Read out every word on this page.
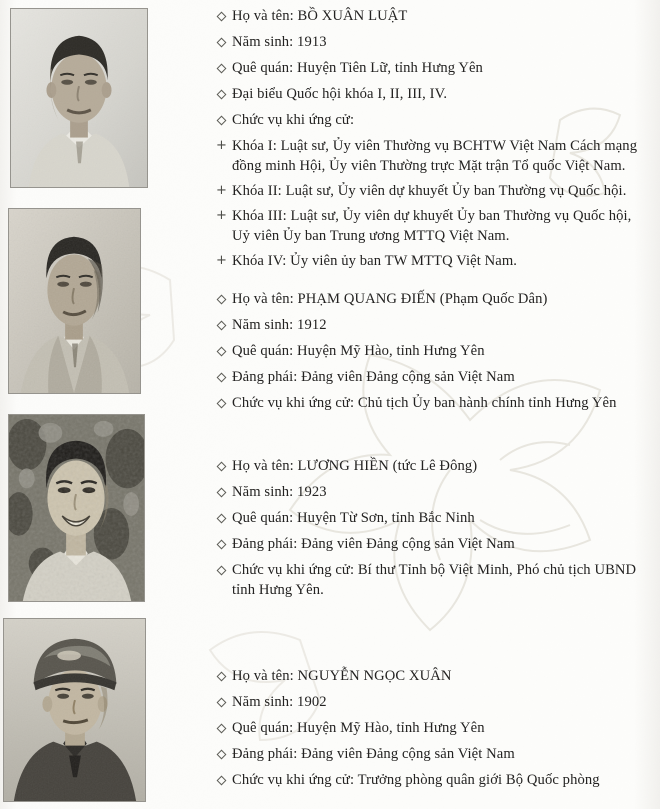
Họ và tên: BỒ XUÂN LUẬT
Năm sinh: 1913
Quê quán: Huyện Tiên Lữ, tỉnh Hưng Yên
Đại biểu Quốc hội khóa I, II, III, IV.
Chức vụ khi ứng cử:
+ Khóa I: Luật sư, Ủy viên Thường vụ BCHTW Việt Nam Cách mạng đồng minh Hội, Ủy viên Thường trực Mặt trận Tổ quốc Việt Nam.
+ Khóa II: Luật sư, Ủy viên dự khuyết Ủy ban Thường vụ Quốc hội.
+ Khóa III: Luật sư, Ủy viên dự khuyết Ủy ban Thường vụ Quốc hội, Uỷ viên Ủy ban Trung ương MTTQ Việt Nam.
+ Khóa IV: Ủy viên ủy ban TW MTTQ Việt Nam.
Họ và tên: PHẠM QUANG ĐIẾN (Phạm Quốc Dân)
Năm sinh: 1912
Quê quán: Huyện Mỹ Hào, tỉnh Hưng Yên
Đảng phái: Đảng viên Đảng cộng sản Việt Nam
Chức vụ khi ứng cử: Chủ tịch Ủy ban hành chính tỉnh Hưng Yên
Họ và tên: LƯƠNG HIỀN (tức Lê Đông)
Năm sinh: 1923
Quê quán: Huyện Từ Sơn, tỉnh Bắc Ninh
Đảng phái: Đảng viên Đảng cộng sản Việt Nam
Chức vụ khi ứng cử: Bí thư Tỉnh bộ Việt Minh, Phó chủ tịch UBND tỉnh Hưng Yên.
Họ và tên: NGUYỄN NGỌC XUÂN
Năm sinh: 1902
Quê quán: Huyện Mỹ Hào, tỉnh Hưng Yên
Đảng phái: Đảng viên Đảng cộng sản Việt Nam
Chức vụ khi ứng cử: Trưởng phòng quân giới Bộ Quốc phòng
